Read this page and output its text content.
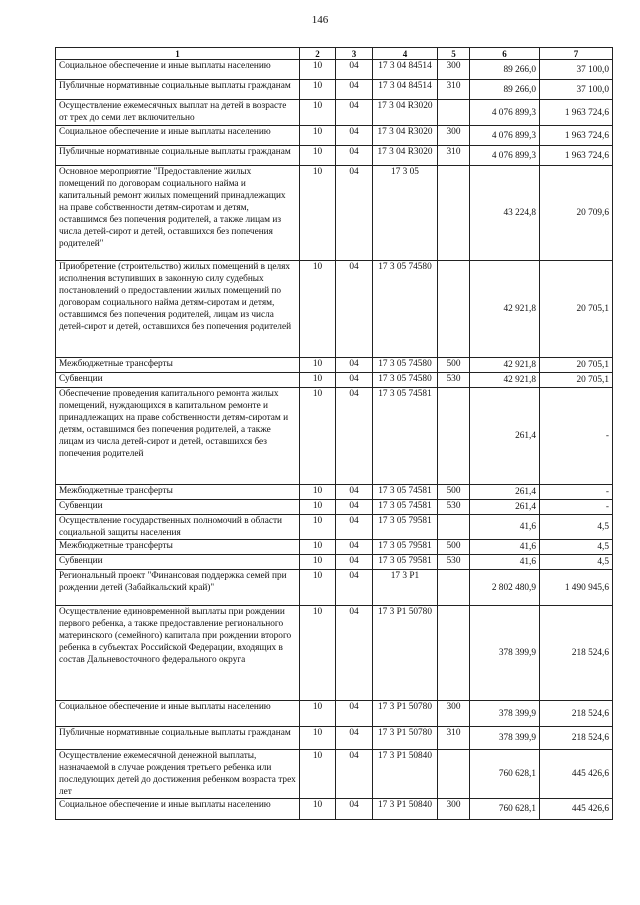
146
1	2	3	4	5	6	7
Социальное обеспечение и иные выплаты населению	10	04	17 3 04 84514	300	89 266,0	37 100,0
Публичные нормативные социальные выплаты гражданам	10	04	17 3 04 84514	310	89 266,0	37 100,0
Осуществление ежемесячных выплат на детей в возрасте от трех до семи лет включительно	10	04	17 3 04 R3020		4 076 899,3	1 963 724,6
Социальное обеспечение и иные выплаты населению	10	04	17 3 04 R3020	300	4 076 899,3	1 963 724,6
Публичные нормативные социальные выплаты гражданам	10	04	17 3 04 R3020	310	4 076 899,3	1 963 724,6
Основное мероприятие "Предоставление жилых помещений по договорам социального найма и капитальный ремонт жилых помещений принадлежащих на праве собственности детям-сиротам и детям, оставшимся без попечения родителей, а также лицам из числа детей-сирот и детей, оставшихся без попечения родителей"	10	04	17 3 05		43 224,8	20 709,6
Приобретение (строительство) жилых помещений в целях исполнения вступивших в законную силу судебных постановлений о предоставлении жилых помещений по договорам социального найма детям-сиротам и детям, оставшимся без попечения родителей, лицам из числа детей-сирот и детей, оставшихся без попечения родителей	10	04	17 3 05 74580		42 921,8	20 705,1
Межбюджетные трансферты	10	04	17 3 05 74580	500	42 921,8	20 705,1
Субвенции	10	04	17 3 05 74580	530	42 921,8	20 705,1
Обеспечение проведения капитального ремонта жилых помещений, нуждающихся в капитальном ремонте и принадлежащих на праве собственности детям-сиротам и детям, оставшимся без попечения родителей, а также лицам из числа детей-сирот и детей, оставшихся без попечения родителей	10	04	17 3 05 74581		261,4	-
Межбюджетные трансферты	10	04	17 3 05 74581	500	261,4	-
Субвенции	10	04	17 3 05 74581	530	261,4	-
Осуществление государственных полномочий в области социальной защиты населения	10	04	17 3 05 79581		41,6	4,5
Межбюджетные трансферты	10	04	17 3 05 79581	500	41,6	4,5
Субвенции	10	04	17 3 05 79581	530	41,6	4,5
Региональный проект "Финансовая поддержка семей при рождении детей (Забайкальский край)"	10	04	17 3 P1		2 802 480,9	1 490 945,6
Осуществление единовременной выплаты при рождении первого ребенка, а также предоставление регионального материнского (семейного) капитала при рождении второго ребенка в субъектах Российской Федерации, входящих в состав Дальневосточного федерального округа	10	04	17 3 P1 50780		378 399,9	218 524,6
Социальное обеспечение и иные выплаты населению	10	04	17 3 P1 50780	300	378 399,9	218 524,6
Публичные нормативные социальные выплаты гражданам	10	04	17 3 P1 50780	310	378 399,9	218 524,6
Осуществление ежемесячной денежной выплаты, назначаемой в случае рождения третьего ребенка или последующих детей до достижения ребенком возраста трех лет	10	04	17 3 P1 50840		760 628,1	445 426,6
Социальное обеспечение и иные выплаты населению	10	04	17 3 P1 50840	300	760 628,1	445 426,6
